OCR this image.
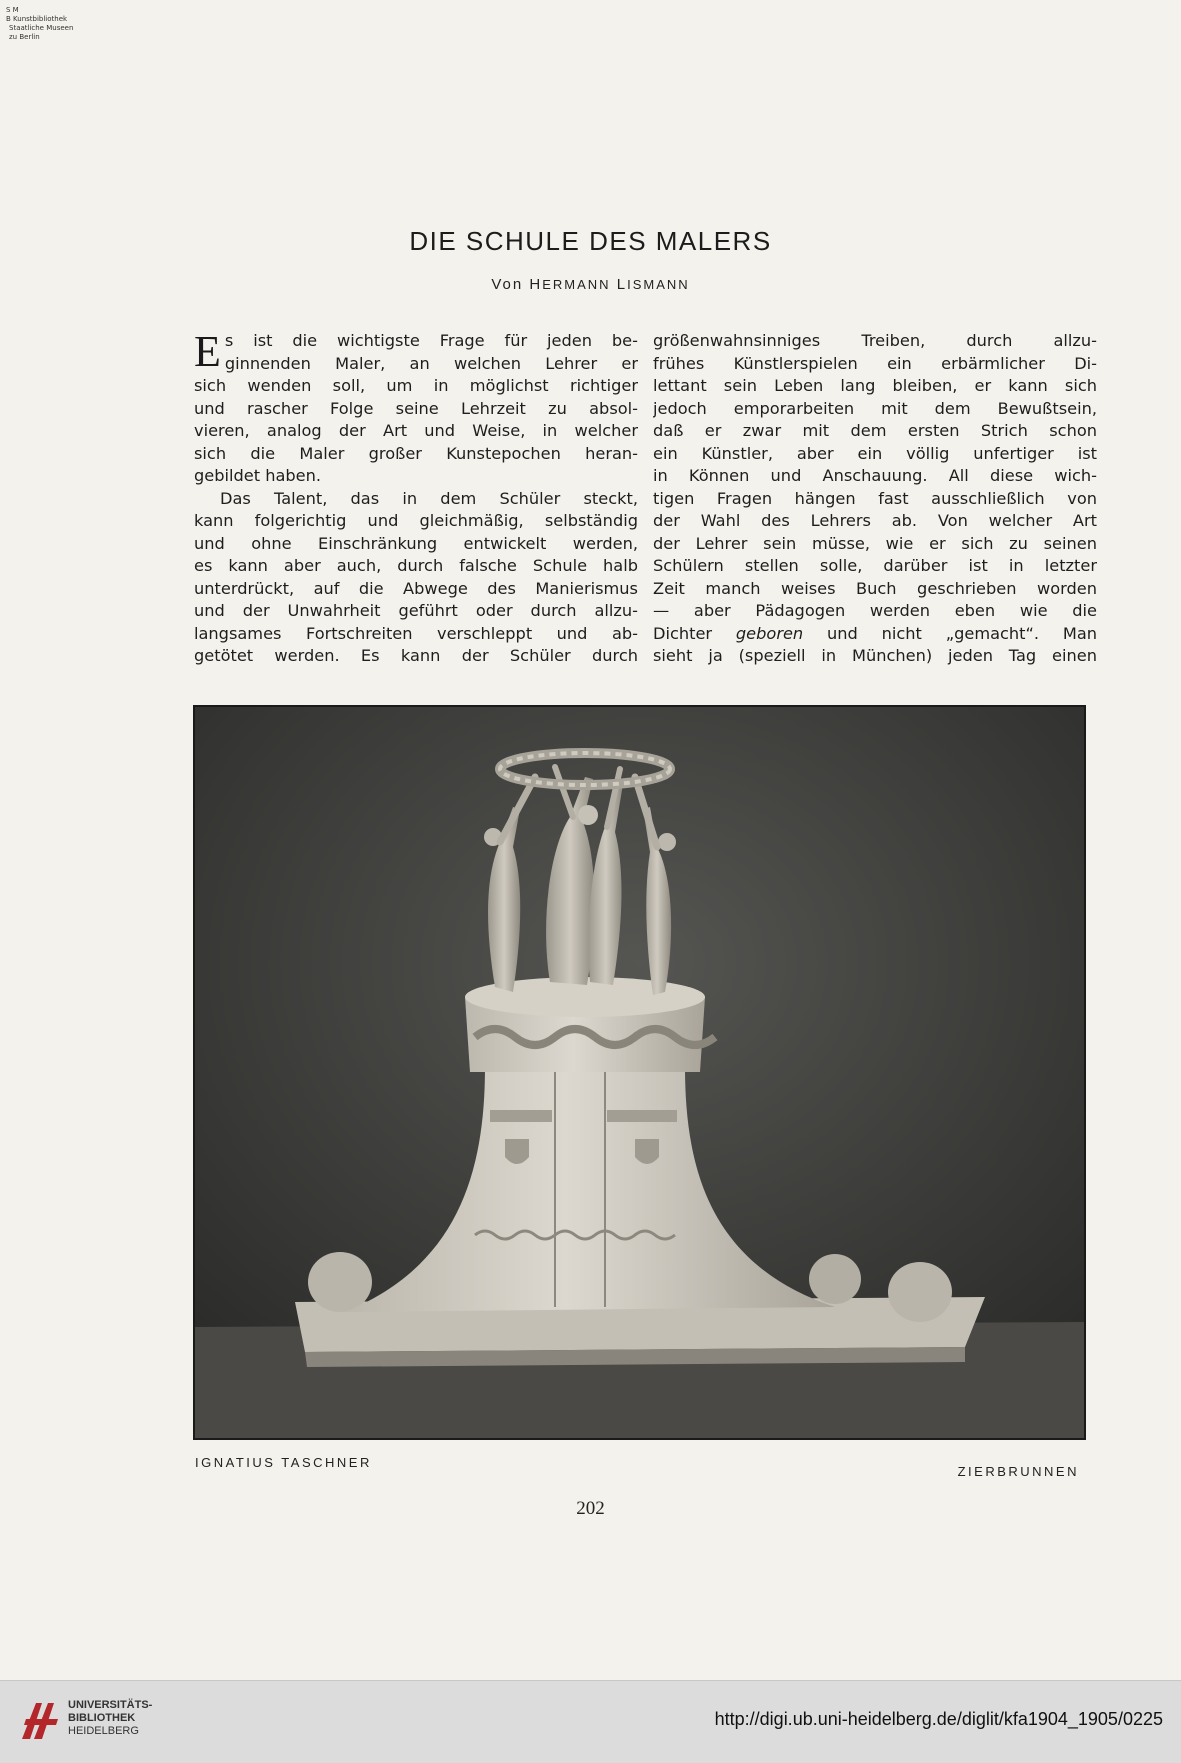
S M
B Kunstbibliothek
Staatliche Museen
zu Berlin
DIE SCHULE DES MALERS
Von HERMANN LISMANN
E s ist die wichtigste Frage für jeden be-
ginnenden Maler, an welchen Lehrer er
sich wenden soll, um in möglichst richtiger
und rascher Folge seine Lehrzeit zu absol-
vieren, analog der Art und Weise, in welcher
sich die Maler großer Kunstepochen heran-
gebildet haben.
Das Talent, das in dem Schüler steckt,
kann folgerichtig und gleichmäßig, selbständig
und ohne Einschränkung entwickelt werden,
es kann aber auch, durch falsche Schule halb
unterdrückt, auf die Abwege des Manierismus
und der Unwahrheit geführt oder durch allzu-
langsames Fortschreiten verschleppt und ab-
getötet werden. Es kann der Schüler durch
größenwahnsinniges Treiben, durch allzu-
frühes Künstlerspielen ein erbärmlicher Di-
lettant sein Leben lang bleiben, er kann sich
jedoch emporarbeiten mit dem Bewußtsein,
daß er zwar mit dem ersten Strich schon
ein Künstler, aber ein völlig unfertiger ist
in Können und Anschauung. All diese wich-
tigen Fragen hängen fast ausschließlich von
der Wahl des Lehrers ab. Von welcher Art
der Lehrer sein müsse, wie er sich zu seinen
Schülern stellen solle, darüber ist in letzter
Zeit manch weises Buch geschrieben worden
— aber Pädagogen werden eben wie die
Dichter geboren und nicht „gemacht“. Man
sieht ja (speziell in München) jeden Tag einen
IGNATIUS TASCHNER
ZIERBRUNNEN
202
UNIVERSITÄTS-
BIBLIOTHEK
HEIDELBERG
http://digi.ub.uni-heidelberg.de/diglit/kfa1904_1905/0225
